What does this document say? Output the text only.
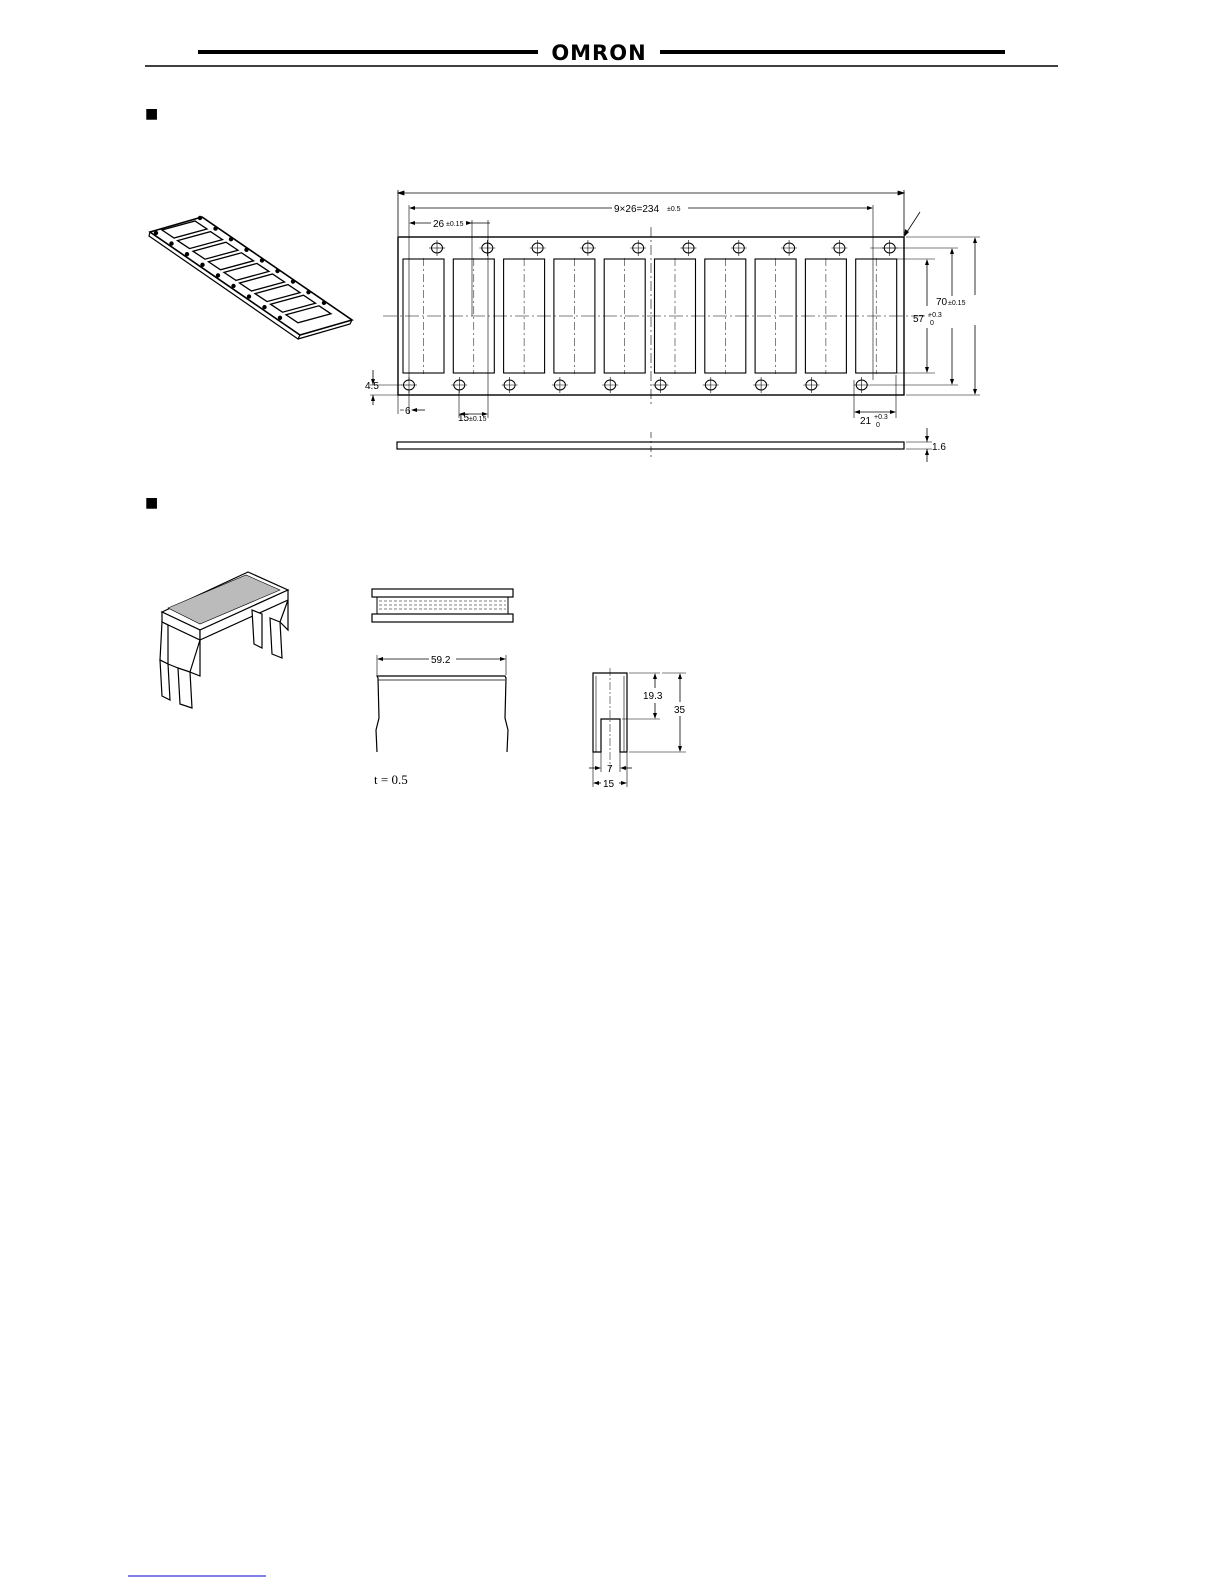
OMRON
■
9×26=234 ±0.5
26 ±0.15
70 ±0.15
57 +0.3
0
4.5
6
15 ±0.15	21 +0.3
0
1.6
■
59.2
t = 0.5
19.3
35
7
15
